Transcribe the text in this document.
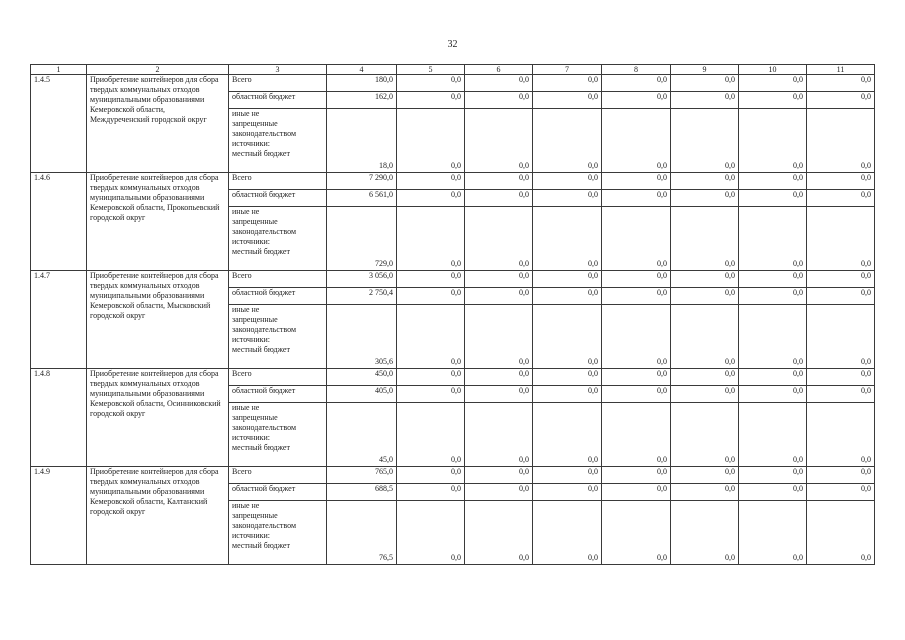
32
1	2	3	4	5	6	7	8	9	10	11
1.4.5	Приобретение контейнеров для сбора твердых коммунальных отходов муниципальными образованиями Кемеровской области, Междуреченский городской округ	Всего	180,0	0,0	0,0	0,0	0,0	0,0	0,0	0,0
		областной бюджет	162,0	0,0	0,0	0,0	0,0	0,0	0,0	0,0

		иные не
запрещенные
законодательством
источники:
местный бюджет	18,0	0,0	0,0	0,0	0,0	0,0	0,0	0,0
1.4.6	Приобретение контейнеров для сбора твердых коммунальных отходов муниципальными образованиями Кемеровской области, Прокопьевский городской округ	Всего	7 290,0	0,0	0,0	0,0	0,0	0,0	0,0	0,0
		областной бюджет	6 561,0	0,0	0,0	0,0	0,0	0,0	0,0	0,0

		иные не
запрещенные
законодательством
источники:
местный бюджет	729,0	0,0	0,0	0,0	0,0	0,0	0,0	0,0
1.4.7	Приобретение контейнеров для сбора твердых коммунальных отходов муниципальными образованиями Кемеровской области, Мысковский городской округ	Всего	3 056,0	0,0	0,0	0,0	0,0	0,0	0,0	0,0
		областной бюджет	2 750,4	0,0	0,0	0,0	0,0	0,0	0,0	0,0

		иные не
запрещенные
законодательством
источники:
местный бюджет	305,6	0,0	0,0	0,0	0,0	0,0	0,0	0,0
1.4.8	Приобретение контейнеров для сбора твердых коммунальных отходов муниципальными образованиями Кемеровской области, Осинниковский городской округ	Всего	450,0	0,0	0,0	0,0	0,0	0,0	0,0	0,0
		областной бюджет	405,0	0,0	0,0	0,0	0,0	0,0	0,0	0,0

		иные не
запрещенные
законодательством
источники:
местный бюджет	45,0	0,0	0,0	0,0	0,0	0,0	0,0	0,0
1.4.9	Приобретение контейнеров для сбора твердых коммунальных отходов муниципальными образованиями Кемеровской области, Калтанский городской округ	Всего	765,0	0,0	0,0	0,0	0,0	0,0	0,0	0,0
		областной бюджет	688,5	0,0	0,0	0,0	0,0	0,0	0,0	0,0

		иные не
запрещенные
законодательством
источники:
местный бюджет	76,5	0,0	0,0	0,0	0,0	0,0	0,0	0,0
